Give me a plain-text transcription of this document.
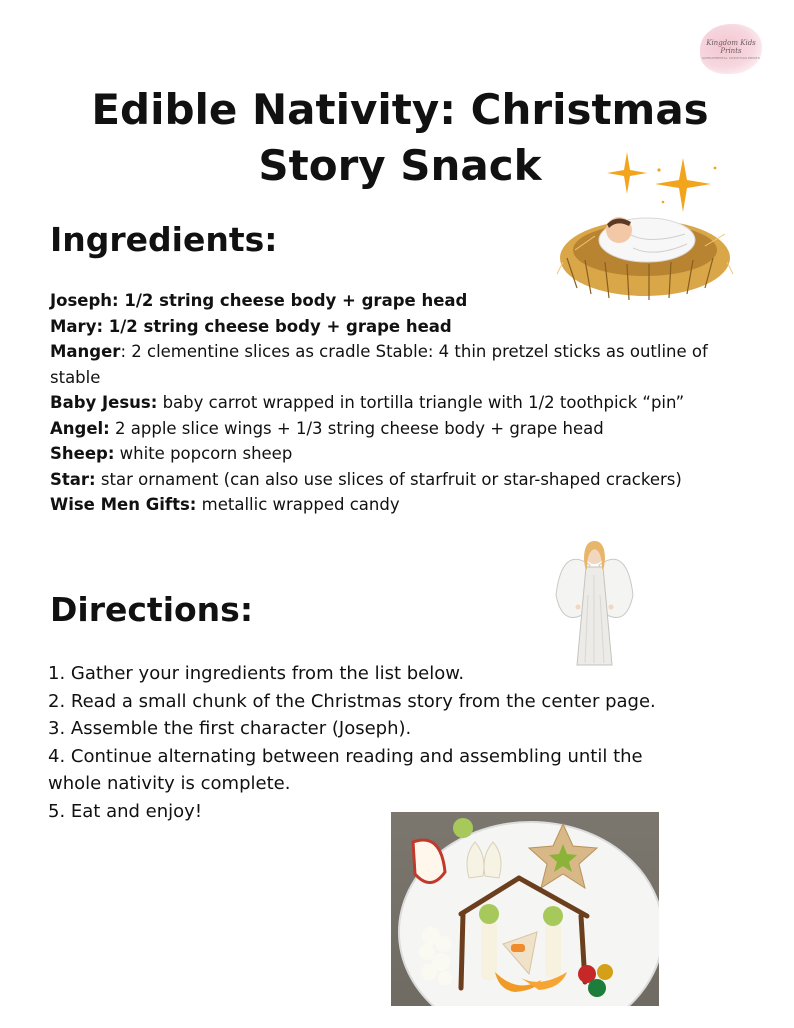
Kingdom Kids Prints
SUPPLEMENTAL CHRISTIAN PRINTS
Edible Nativity: Christmas
Story Snack
Ingredients:

Joseph: 1/2 string cheese body + grape head

Mary: 1/2 string cheese body + grape head

Manger: 2 clementine slices as cradle Stable: 4 thin pretzel sticks as outline of stable

Baby Jesus: baby carrot wrapped in tortilla triangle with 1/2 toothpick “pin”

Angel: 2 apple slice wings + 1/3 string cheese body + grape head

Sheep: white popcorn sheep

Star: star ornament (can also use slices of starfruit or star-shaped crackers)

Wise Men Gifts: metallic wrapped candy

Directions:

1. Gather your ingredients from the list below.

2. Read a small chunk of the Christmas story from the center page.

3. Assemble the first character (Joseph).

4. Continue alternating between reading and assembling until the whole nativity is complete.

5. Eat and enjoy!
